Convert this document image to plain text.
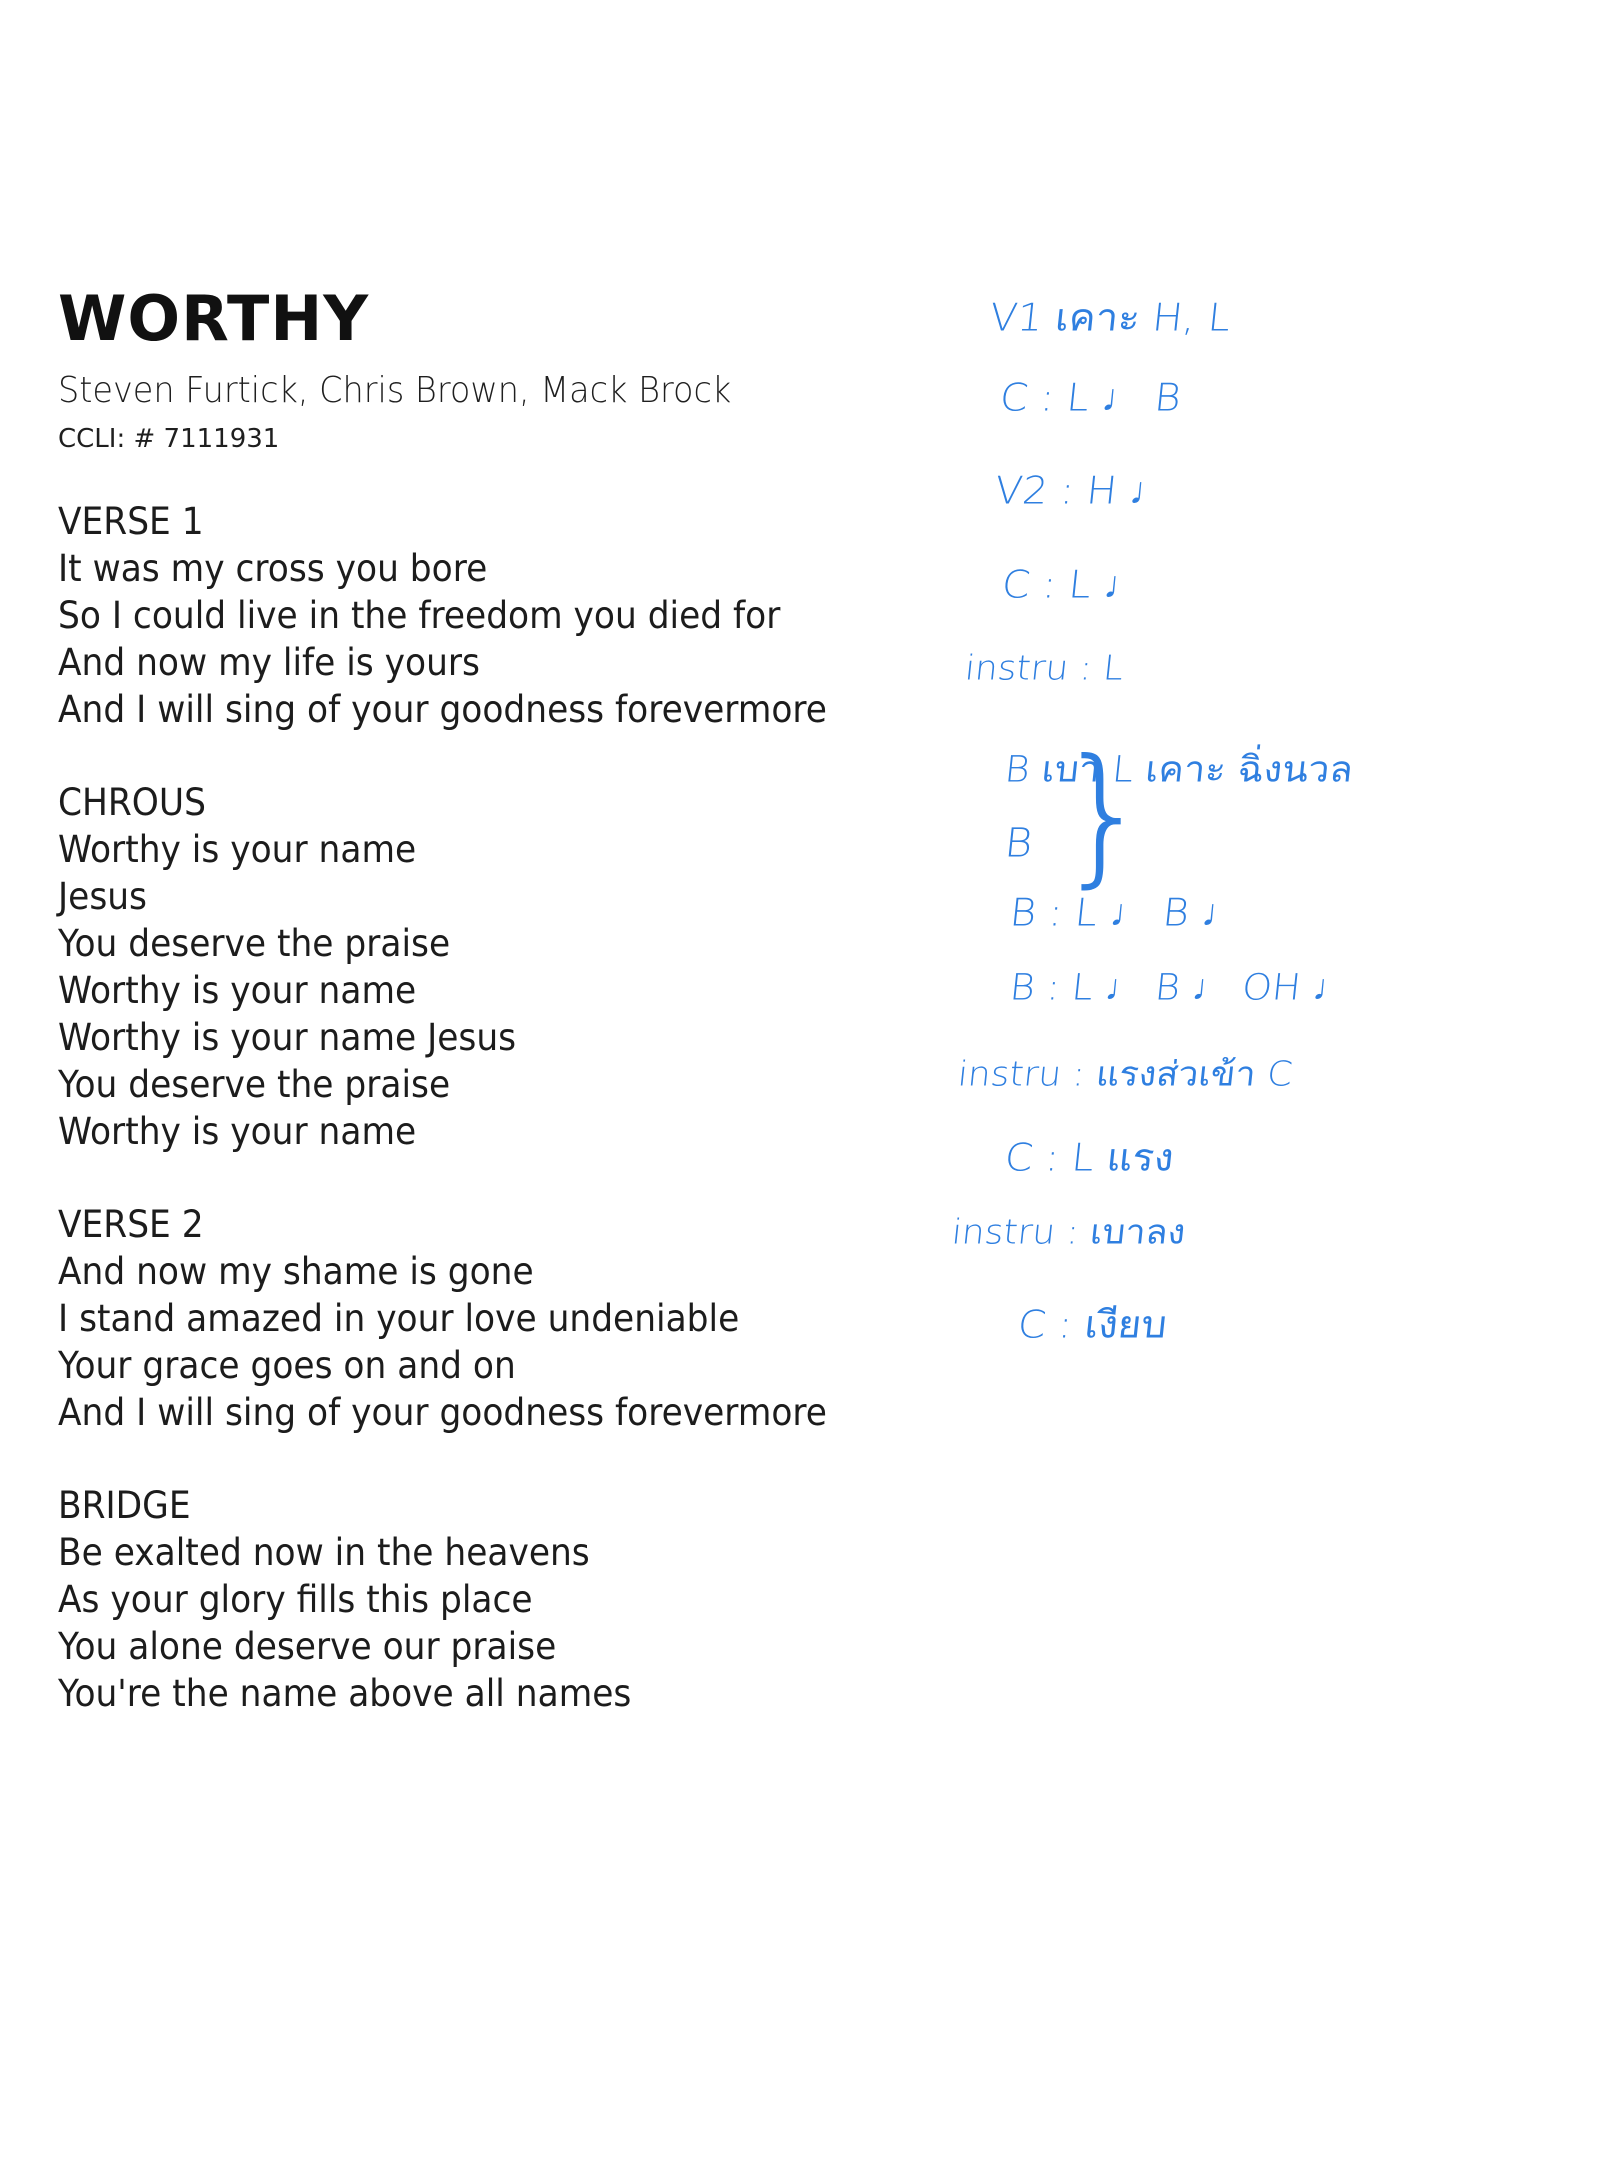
WORTHY
Steven Furtick, Chris Brown, Mack Brock
CCLI: # 7111931
VERSE 1
It was my cross you bore
So I could live in the freedom you died for
And now my life is yours
And I will sing of your goodness forevermore
CHROUS
Worthy is your name
Jesus
You deserve the praise
Worthy is your name
Worthy is your name Jesus
You deserve the praise
Worthy is your name
VERSE 2
And now my shame is gone
I stand amazed in your love undeniable
Your grace goes on and on
And I will sing of your goodness forevermore
BRIDGE
Be exalted now in the heavens
As your glory fills this place
You alone deserve our praise
You're the name above all names
V1 เคาะ H, L
C : L ♩ B
V2 : H ♩
C : L ♩
instru : L
B เบา L เคาะ ฉิ่งนวล
}
B
B : L ♩ B ♩
B : L ♩ B ♩ OH ♩
instru : แรงส่วเข้า C
C : L แรง
instru : เบาลง
C : เงียบ
